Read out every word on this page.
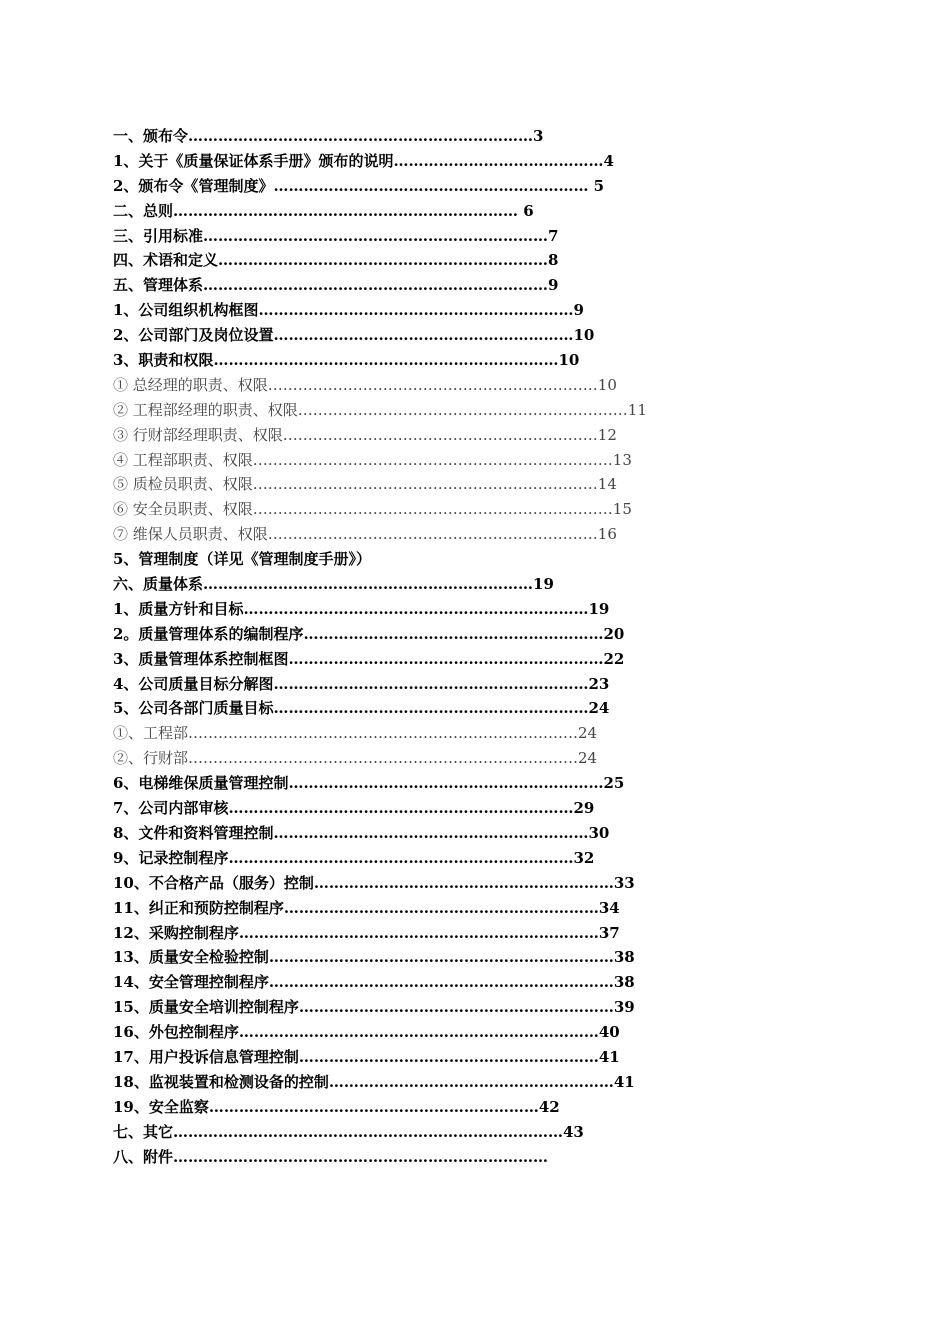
一、颁布令……………………………………………………………3
1、关于《质量保证体系手册》颁布的说明……………………………………4
2、颁布令《管理制度》……………………………………………………… 5
二、总则…………………………………………………………… 6
三、引用标准……………………………………………………………7
四、术语和定义…………………………………………………………8
五、管理体系……………………………………………………………9
1、公司组织机构框图………………………………………………………9
2、公司部门及岗位设置……………………………………………………10
3、职责和权限……………………………………………………………10
① 总经理的职责、权限…………………………………………………………10
② 工程部经理的职责、权限…………………………………………………………11
③ 行财部经理职责、权限………………………………………………………12
④ 工程部职责、权限………………………………………………………………13
⑤ 质检员职责、权限……………………………………………………………14
⑥ 安全员职责、权限………………………………………………………………15
⑦ 维保人员职责、权限…………………………………………………………16
5、管理制度（详见《管理制度手册》）
六、质量体系…………………………………………………………19
1、质量方针和目标……………………………………………………………19
2。质量管理体系的编制程序……………………………………………………20
3、质量管理体系控制框图………………………………………………………22
4、公司质量目标分解图………………………………………………………23
5、公司各部门质量目标………………………………………………………24
①、工程部……………………………………………………………………24
②、行财部……………………………………………………………………24
6、电梯维保质量管理控制………………………………………………………25
7、公司内部审核……………………………………………………………29
8、文件和资料管理控制………………………………………………………30
9、记录控制程序……………………………………………………………32
10、不合格产品（服务）控制……………………………………………………33
11、纠正和预防控制程序………………………………………………………34
12、采购控制程序………………………………………………………………37
13、质量安全检验控制……………………………………………………………38
14、安全管理控制程序……………………………………………………………38
15、质量安全培训控制程序………………………………………………………39
16、外包控制程序………………………………………………………………40
17、用户投诉信息管理控制……………………………………………………41
18、监视装置和检测设备的控制…………………………………………………41
19、安全监察…………………………………………………………42
七、其它……………………………………………………………………43
八、附件…………………………………………………………………
